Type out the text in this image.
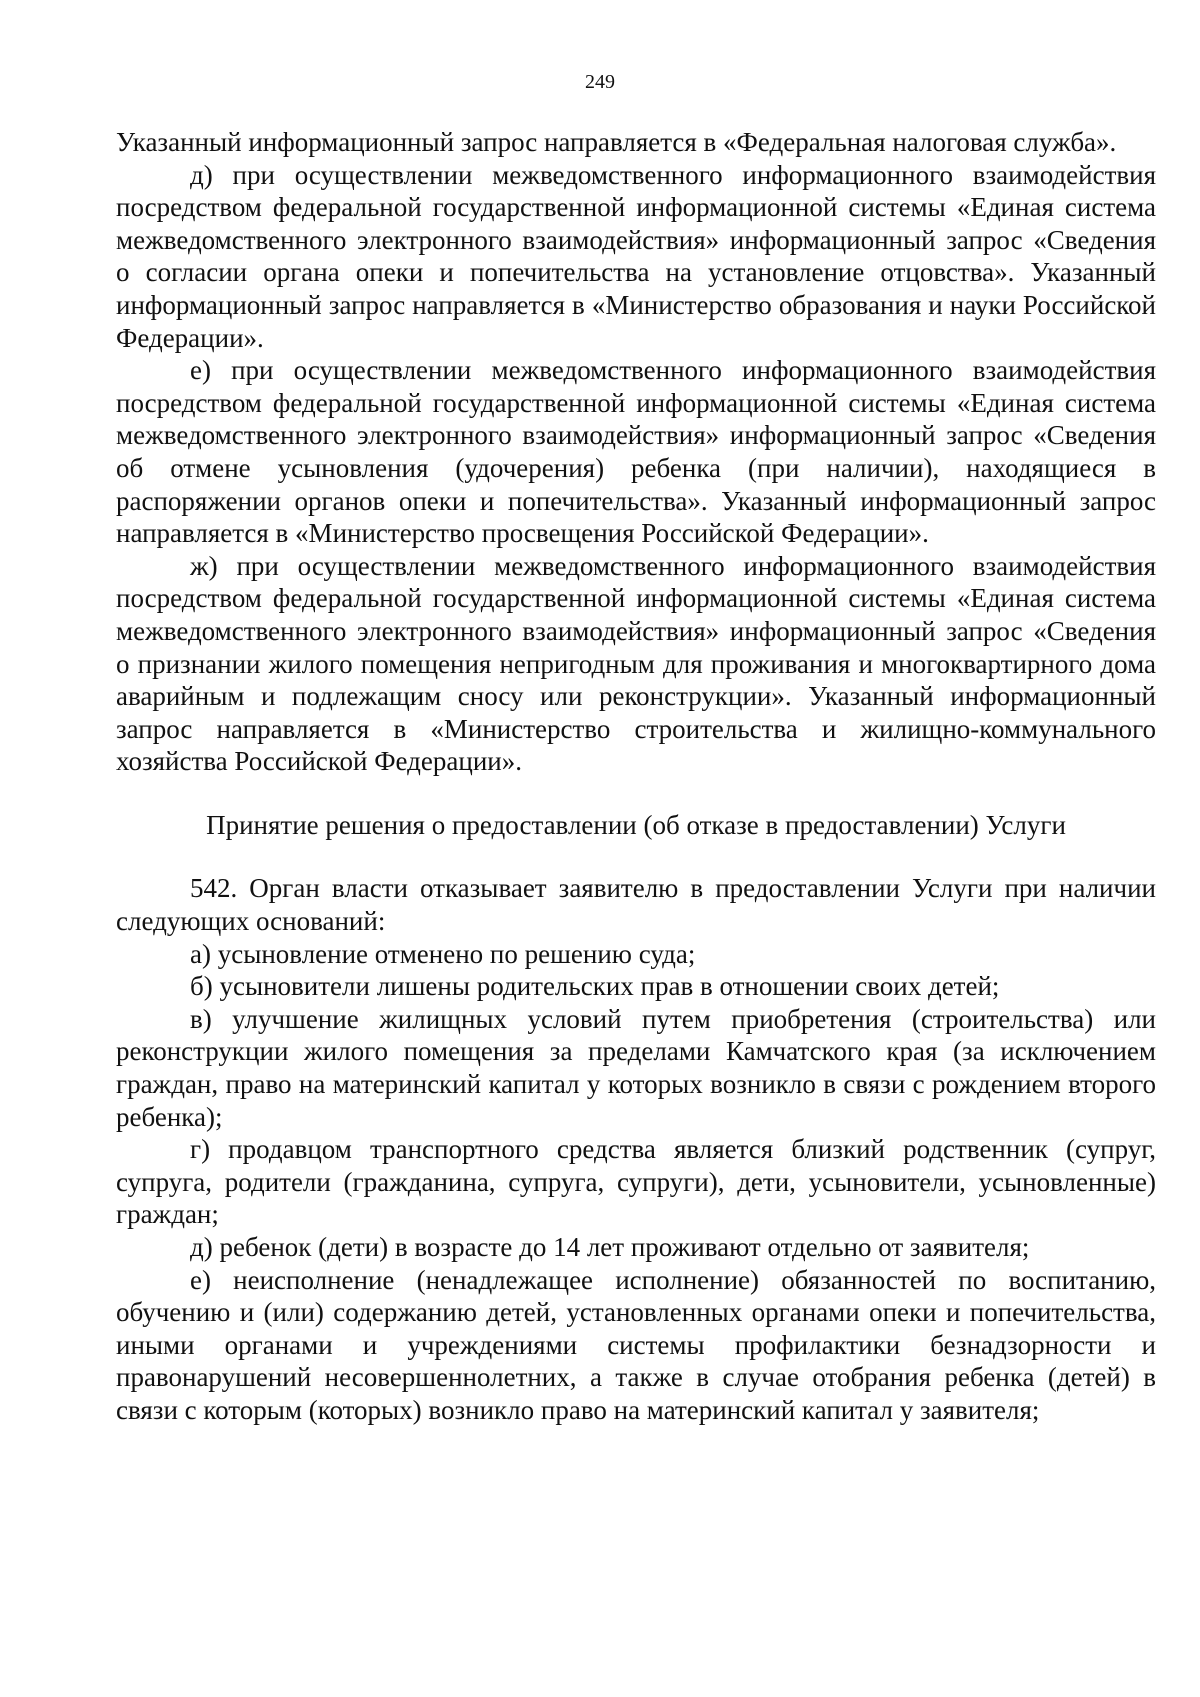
249

Указанный информационный запрос направляется в «Федеральная налоговая служба».

д) при осуществлении межведомственного информационного взаимодействия посредством федеральной государственной информационной системы «Единая система межведомственного электронного взаимодействия» информационный запрос «Сведения о согласии органа опеки и попечительства на установление отцовства». Указанный информационный запрос направляется в «Министерство образования и науки Российской Федерации».

е) при осуществлении межведомственного информационного взаимодействия посредством федеральной государственной информационной системы «Единая система межведомственного электронного взаимодействия» информационный запрос «Сведения об отмене усыновления (удочерения) ребенка (при наличии), находящиеся в распоряжении органов опеки и попечительства». Указанный информационный запрос направляется в «Министерство просвещения Российской Федерации».

ж) при осуществлении межведомственного информационного взаимодействия посредством федеральной государственной информационной системы «Единая система межведомственного электронного взаимодействия» информационный запрос «Сведения о признании жилого помещения непригодным для проживания и многоквартирного дома аварийным и подлежащим сносу или реконструкции». Указанный информационный запрос направляется в «Министерство строительства и жилищно-коммунального хозяйства Российской Федерации».

Принятие решения о предоставлении (об отказе в предоставлении) Услуги

542. Орган власти отказывает заявителю в предоставлении Услуги при наличии следующих оснований:

а) усыновление отменено по решению суда;

б) усыновители лишены родительских прав в отношении своих детей;

в) улучшение жилищных условий путем приобретения (строительства) или реконструкции жилого помещения за пределами Камчатского края (за исключением граждан, право на материнский капитал у которых возникло в связи с рождением второго ребенка);

г) продавцом транспортного средства является близкий родственник (супруг, супруга, родители (гражданина, супруга, супруги), дети, усыновители, усыновленные) граждан;

д) ребенок (дети) в возрасте до 14 лет проживают отдельно от заявителя;

е) неисполнение (ненадлежащее исполнение) обязанностей по воспитанию, обучению и (или) содержанию детей, установленных органами опеки и попечительства, иными органами и учреждениями системы профилактики безнадзорности и правонарушений несовершеннолетних, а также в случае отобрания ребенка (детей) в связи с которым (которых) возникло право на материнский капитал у заявителя;
